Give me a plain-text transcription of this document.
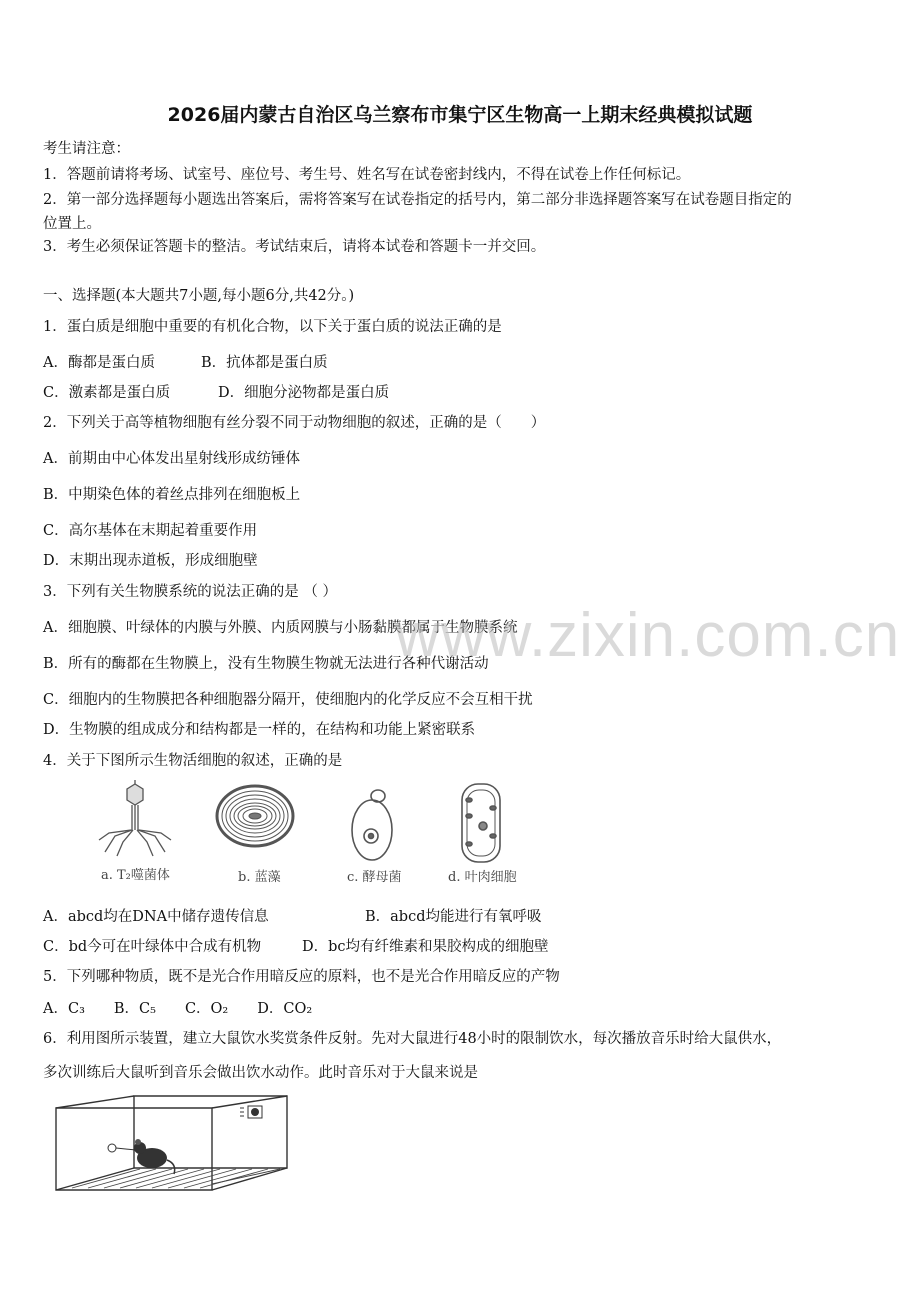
2026届内蒙古自治区乌兰察布市集宁区生物高一上期末经典模拟试题
考生请注意：
1．答题前请将考场、试室号、座位号、考生号、姓名写在试卷密封线内，不得在试卷上作任何标记。
2．第一部分选择题每小题选出答案后，需将答案写在试卷指定的括号内，第二部分非选择题答案写在试卷题目指定的
位置上。
3．考生必须保证答题卡的整洁。考试结束后，请将本试卷和答题卡一并交回。
一、选择题(本大题共7小题,每小题6分,共42分。)
1．蛋白质是细胞中重要的有机化合物，以下关于蛋白质的说法正确的是
A．酶都是蛋白质	B．抗体都是蛋白质
C．激素都是蛋白质	D．细胞分泌物都是蛋白质
2．下列关于高等植物细胞有丝分裂不同于动物细胞的叙述，正确的是（　　）
A．前期由中心体发出星射线形成纺锤体
B．中期染色体的着丝点排列在细胞板上
C．高尔基体在末期起着重要作用
D．末期出现赤道板，形成细胞壁
3．下列有关生物膜系统的说法正确的是 （ ）
A．细胞膜、叶绿体的内膜与外膜、内质网膜与小肠黏膜都属于生物膜系统
B．所有的酶都在生物膜上，没有生物膜生物就无法进行各种代谢活动
C．细胞内的生物膜把各种细胞器分隔开，使细胞内的化学反应不会互相干扰
D．生物膜的组成成分和结构都是一样的，在结构和功能上紧密联系
www.zixin.com.cn
4．关于下图所示生物活细胞的叙述，正确的是
a. T₂噬菌体	b. 蓝藻	c. 酵母菌	d. 叶肉细胞
A．abcd均在DNA中储存遗传信息	B．abcd均能进行有氧呼吸
C．bd今可在叶绿体中合成有机物	D．bc均有纤维素和果胶构成的细胞壁
5．下列哪种物质，既不是光合作用暗反应的原料，也不是光合作用暗反应的产物
A．C₃　　B．C₅　　C．O₂　　D．CO₂
6．利用图所示装置，建立大鼠饮水奖赏条件反射。先对大鼠进行48小时的限制饮水，每次播放音乐时给大鼠供水，
多次训练后大鼠听到音乐会做出饮水动作。此时音乐对于大鼠来说是
